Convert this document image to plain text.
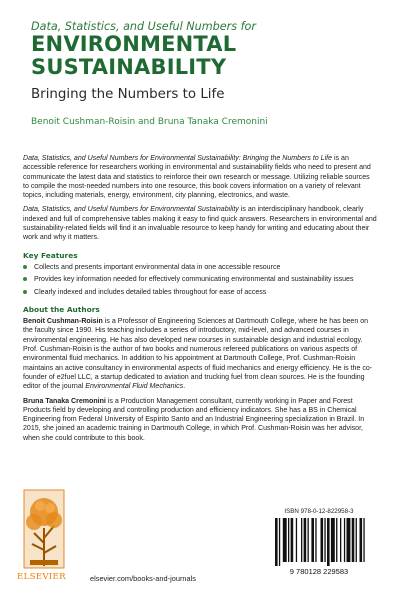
Data, Statistics, and Useful Numbers for
ENVIRONMENTAL
SUSTAINABILITY
Bringing the Numbers to Life
Benoit Cushman-Roisin and Bruna Tanaka Cremonini

Data, Statistics, and Useful Numbers for Environmental Sustainability: Bringing the Numbers to Life is an accessible reference for researchers working in environmental and sustainability fields who need to present and communicate the latest data and statistics to reinforce their own research or message. Utilizing reliable sources to compile the most-needed numbers into one resource, this book covers information on a variety of relevant topics, including materials, energy, environment, city planning, electronics, and waste.

Data, Statistics, and Useful Numbers for Environmental Sustainability is an interdisciplinary handbook, clearly indexed and full of comprehensive tables making it easy to find quick answers. Researchers in environmental and sustainability-related fields will find it an invaluable resource to keep handy for writing and educating about their work and why it matters.

Key Features
Collects and presents important environmental data in one accessible resource
Provides key information needed for effectively communicating environmental and sustainability issues
Clearly indexed and includes detailed tables throughout for ease of access
About the Authors

Benoit Cushman-Roisin is a Professor of Engineering Sciences at Dartmouth College, where he has been on the faculty since 1990. His teaching includes a series of introductory, mid-level, and advanced courses in environmental engineering. He has also developed new courses in sustainable design and industrial ecology. Prof. Cushman-Roisin is the author of two books and numerous refereed publications on various aspects of environmental fluid mechanics. In addition to his appointment at Dartmouth College, Prof. Cushman-Roisin maintains an active consultancy in environmental aspects of fluid mechanics and energy efficiency. He is the co-founder of e2fuel LLC, a startup dedicated to aviation and trucking fuel from clean sources. He is the founding editor of the journal Environmental Fluid Mechanics.

Bruna Tanaka Cremonini is a Production Management consultant, currently working in Paper and Forest Products field by developing and controlling production and efficiency indicators. She has a BS in Chemical Engineering from Federal University of Espírito Santo and an Industrial Engineering specialization in Brazil. In 2015, she joined an academic training in Dartmouth College, in which Prof. Cushman-Roisin was her advisor, when she could contribute to this book.

ELSEVIER	elsevier.com/books-and-journals
ISBN 978-0-12-822958-3
9 780128 229583
